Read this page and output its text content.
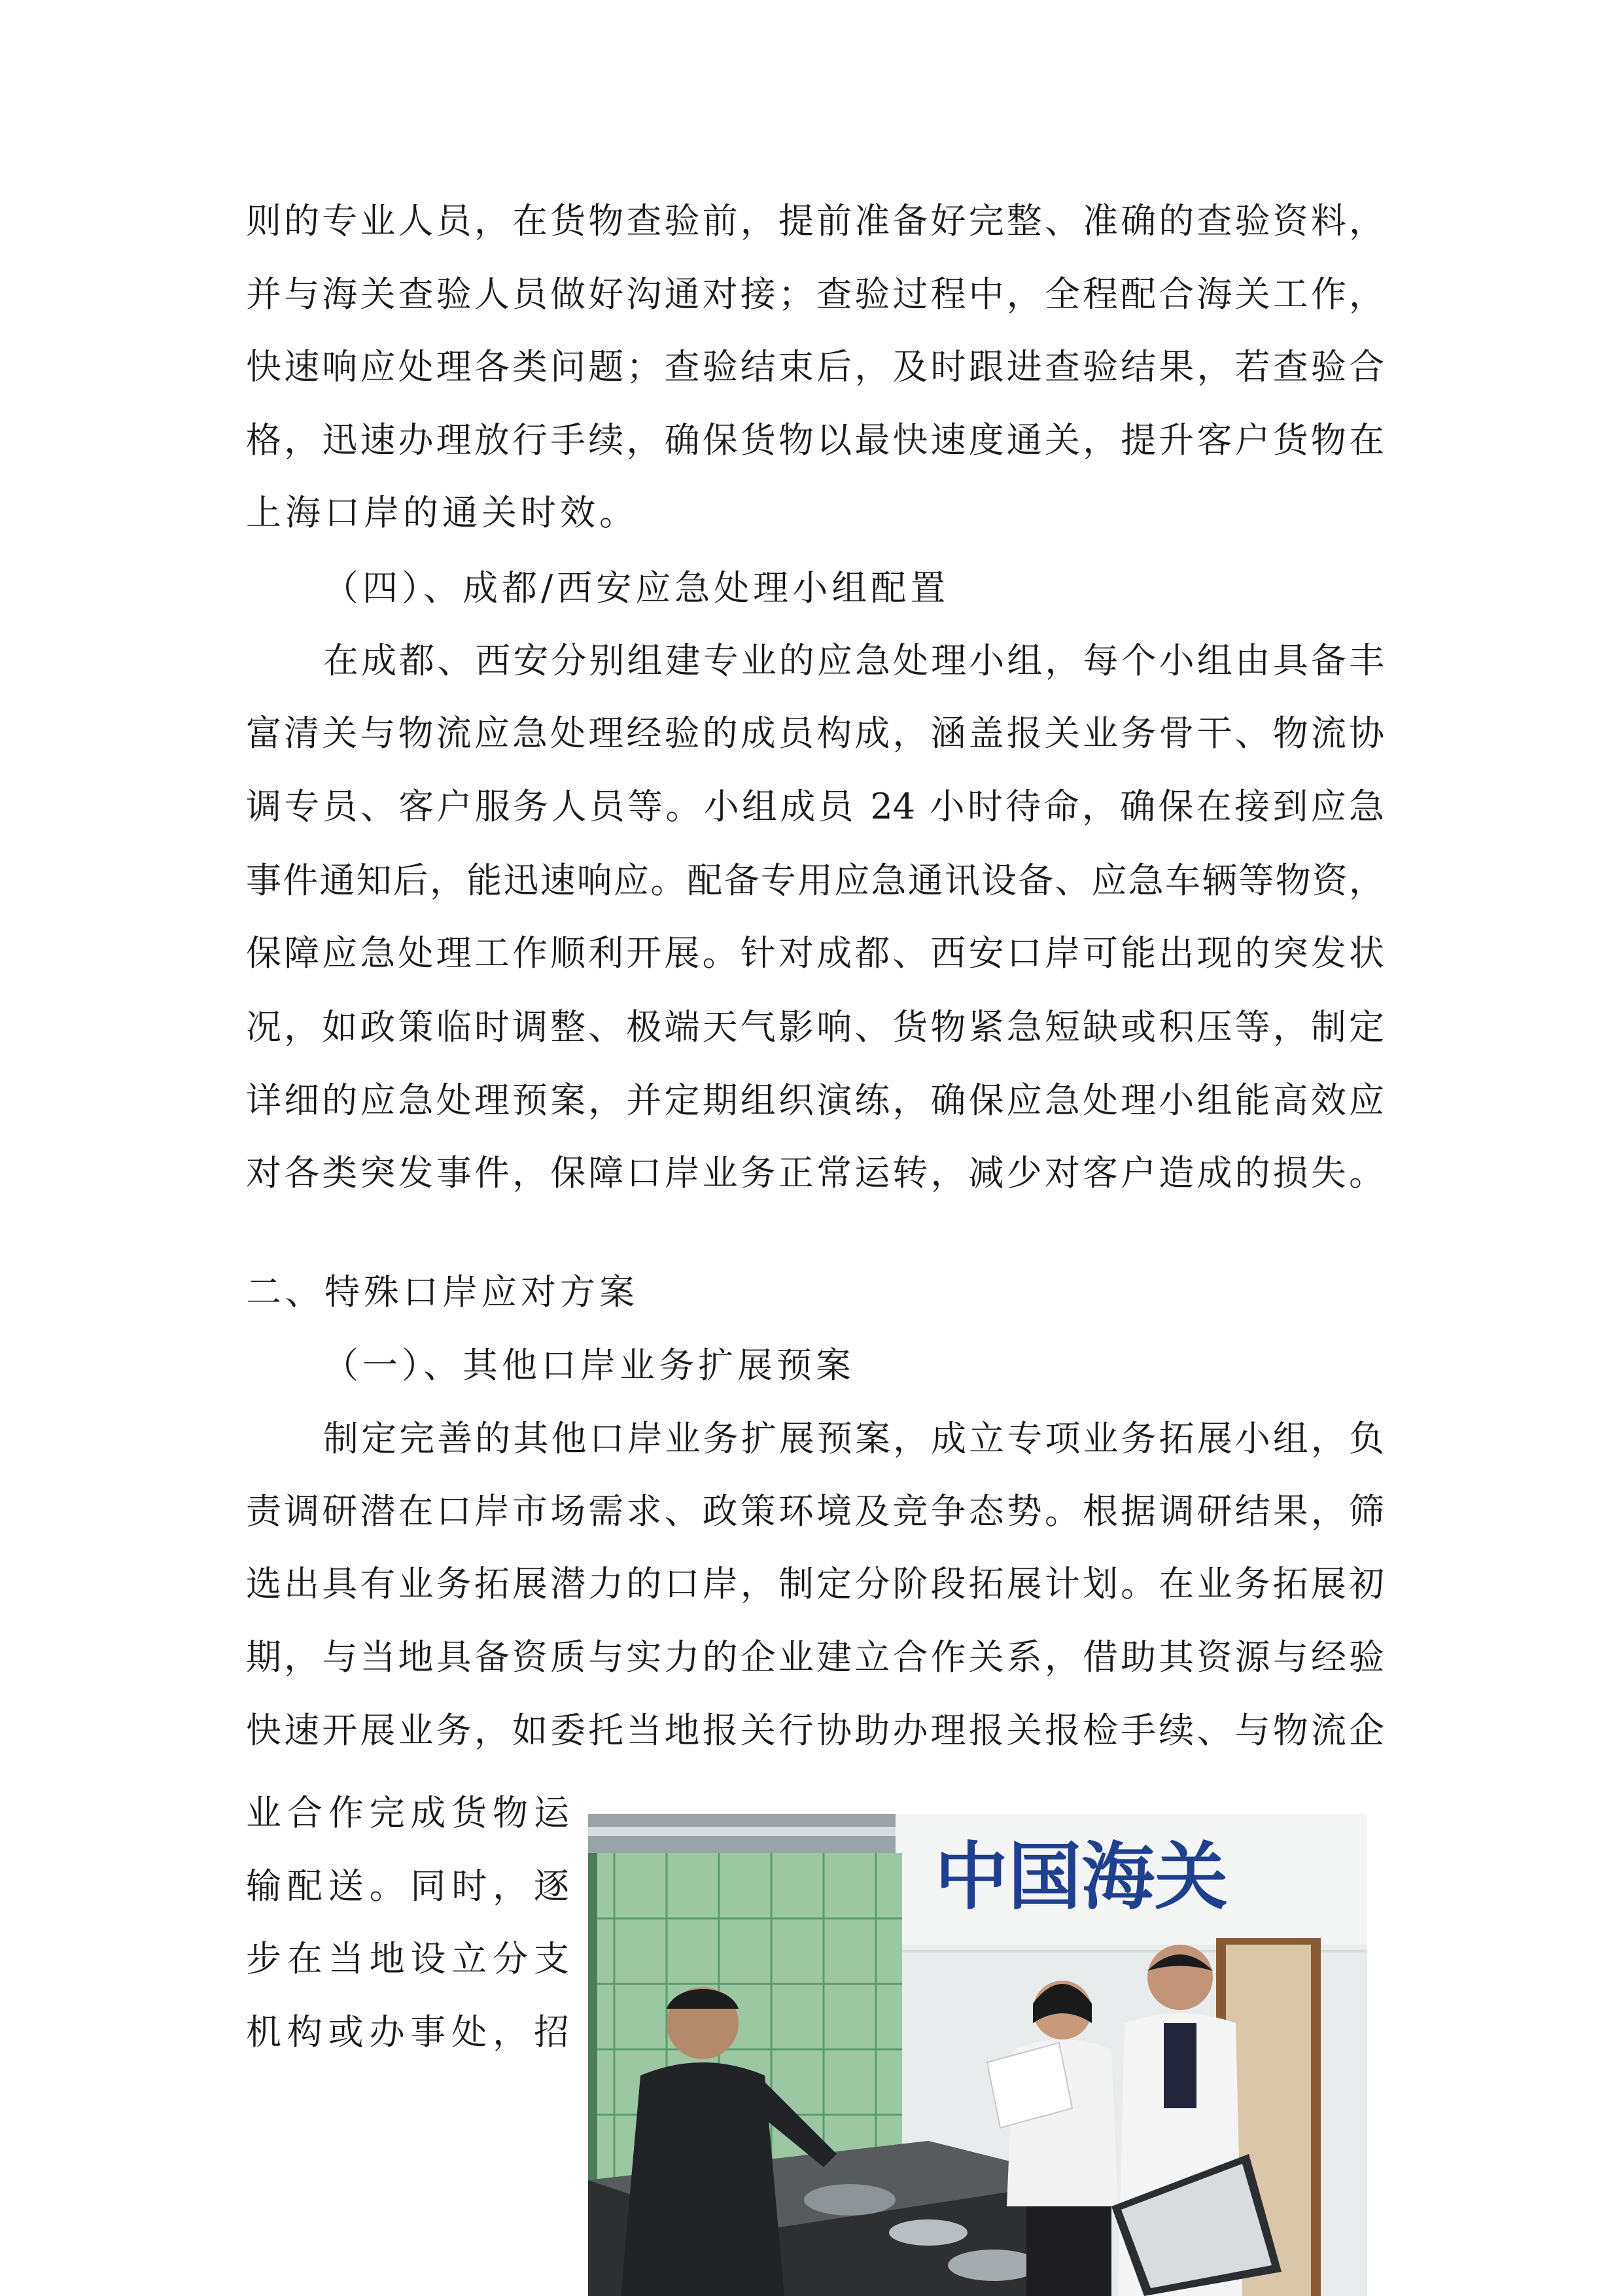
则的专业人员，在货物查验前，提前准备好完整、准确的查验资料，

并与海关查验人员做好沟通对接；查验过程中，全程配合海关工作，

快速响应处理各类问题；查验结束后，及时跟进查验结果，若查验合

格，迅速办理放行手续，确保货物以最快速度通关，提升客户货物在

上海口岸的通关时效。

（四）、成都/西安应急处理小组配置

在成都、西安分别组建专业的应急处理小组，每个小组由具备丰

富清关与物流应急处理经验的成员构成，涵盖报关业务骨干、物流协

调专员、客户服务人员等。小组成员 24 小时待命，确保在接到应急

事件通知后，能迅速响应。配备专用应急通讯设备、应急车辆等物资，

保障应急处理工作顺利开展。针对成都、西安口岸可能出现的突发状

况，如政策临时调整、极端天气影响、货物紧急短缺或积压等，制定

详细的应急处理预案，并定期组织演练，确保应急处理小组能高效应

对各类突发事件，保障口岸业务正常运转，减少对客户造成的损失。

二、特殊口岸应对方案

（一）、其他口岸业务扩展预案

制定完善的其他口岸业务扩展预案，成立专项业务拓展小组，负

责调研潜在口岸市场需求、政策环境及竞争态势。根据调研结果，筛

选出具有业务拓展潜力的口岸，制定分阶段拓展计划。在业务拓展初

期，与当地具备资质与实力的企业建立合作关系，借助其资源与经验

快速开展业务，如委托当地报关行协助办理报关报检手续、与物流企

业合作完成货物运

输配送。同时，逐

步在当地设立分支

机构或办事处，招

中国海关
